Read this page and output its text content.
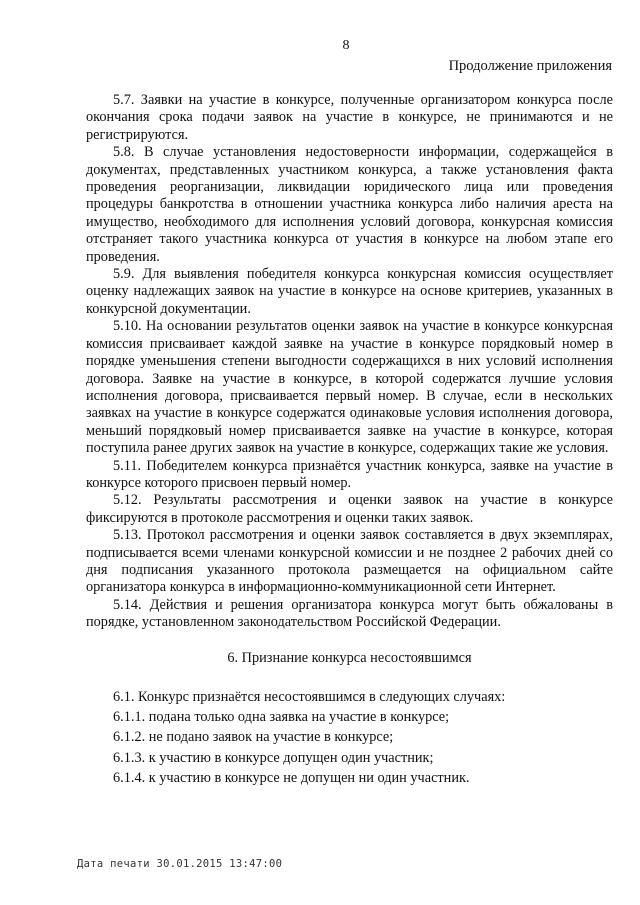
8
Продолжение приложения

5.7. Заявки на участие в конкурсе, полученные организатором конкурса после окончания срока подачи заявок на участие в конкурсе, не принимаются и не регистрируются.

5.8. В случае установления недостоверности информации, содержащейся в документах, представленных участником конкурса, а также установления факта проведения реорганизации, ликвидации юридического лица или проведения процедуры банкротства в отношении участника конкурса либо наличия ареста на имущество, необходимого для исполнения условий договора, конкурсная комиссия отстраняет такого участника конкурса от участия в конкурсе на любом этапе его проведения.

5.9. Для выявления победителя конкурса конкурсная комиссия осуществляет оценку надлежащих заявок на участие в конкурсе на основе критериев, указанных в конкурсной документации.

5.10. На основании результатов оценки заявок на участие в конкурсе конкурсная комиссия присваивает каждой заявке на участие в конкурсе порядковый номер в порядке уменьшения степени выгодности содержащихся в них условий исполнения договора. Заявке на участие в конкурсе, в которой содержатся лучшие условия исполнения договора, присваивается первый номер. В случае, если в нескольких заявках на участие в конкурсе содержатся одинаковые условия исполнения договора, меньший порядковый номер присваивается заявке на участие в конкурсе, которая поступила ранее других заявок на участие в конкурсе, содержащих такие же условия.

5.11. Победителем конкурса признаётся участник конкурса, заявке на участие в конкурсе которого присвоен первый номер.

5.12. Результаты рассмотрения и оценки заявок на участие в конкурсе фиксируются в протоколе рассмотрения и оценки таких заявок.

5.13. Протокол рассмотрения и оценки заявок составляется в двух экземплярах, подписывается всеми членами конкурсной комиссии и не позднее 2 рабочих дней со дня подписания указанного протокола размещается на официальном сайте организатора конкурса в информационно-коммуникационной сети Интернет.

5.14. Действия и решения организатора конкурса могут быть обжалованы в порядке, установленном законодательством Российской Федерации.

6. Признание конкурса несостоявшимся

6.1. Конкурс признаётся несостоявшимся в следующих случаях:

6.1.1. подана только одна заявка на участие в конкурсе;

6.1.2. не подано заявок на участие в конкурсе;

6.1.3. к участию в конкурсе допущен один участник;

6.1.4. к участию в конкурсе не допущен ни один участник.

Дата печати 30.01.2015 13:47:00
